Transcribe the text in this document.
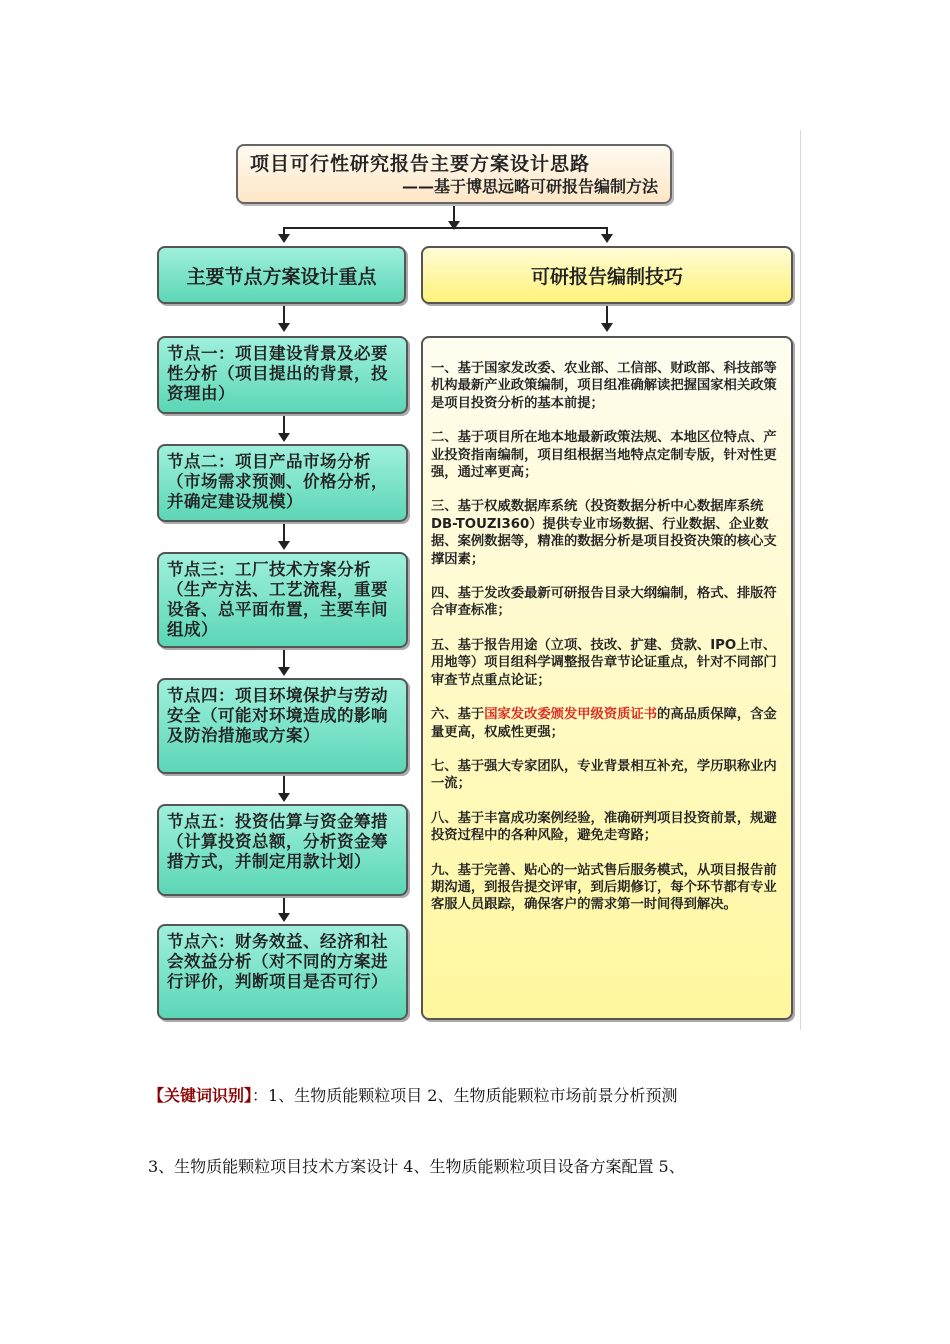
项目可行性研究报告主要方案设计思路
——基于博思远略可研报告编制方法
主要节点方案设计重点	可研报告编制技巧
节点一：项目建设背景及必要性分析（项目提出的背景，投资理由）
节点二：项目产品市场分析（市场需求预测、价格分析，并确定建设规模）
节点三：工厂技术方案分析（生产方法、工艺流程，重要设备、总平面布置，主要车间组成）
节点四：项目环境保护与劳动安全（可能对环境造成的影响及防治措施或方案）
节点五：投资估算与资金筹措（计算投资总额，分析资金筹措方式，并制定用款计划）
节点六：财务效益、经济和社会效益分析（对不同的方案进行评价，判断项目是否可行）
一、基于国家发改委、农业部、工信部、财政部、科技部等机构最新产业政策编制，项目组准确解读把握国家相关政策是项目投资分析的基本前提；
二、基于项目所在地本地最新政策法规、本地区位特点、产业投资指南编制，项目组根据当地特点定制专版，针对性更强，通过率更高；
三、基于权威数据库系统（投资数据分析中心数据库系统DB-TOUZI360）提供专业市场数据、行业数据、企业数据、案例数据等，精准的数据分析是项目投资决策的核心支撑因素；
四、基于发改委最新可研报告目录大纲编制，格式、排版符合审查标准；
五、基于报告用途（立项、技改、扩建、贷款、IPO上市、用地等）项目组科学调整报告章节论证重点，针对不同部门审查节点重点论证；
六、基于国家发改委颁发甲级资质证书的高品质保障，含金量更高，权威性更强；
七、基于强大专家团队，专业背景相互补充，学历职称业内一流；
八、基于丰富成功案例经验，准确研判项目投资前景，规避投资过程中的各种风险，避免走弯路；
九、基于完善、贴心的一站式售后服务模式，从项目报告前期沟通，到报告提交评审，到后期修订，每个环节都有专业客服人员跟踪，确保客户的需求第一时间得到解决。
【关键词识别】：1、生物质能颗粒项目 2、生物质能颗粒市场前景分析预测
3、生物质能颗粒项目技术方案设计 4、生物质能颗粒项目设备方案配置 5、
